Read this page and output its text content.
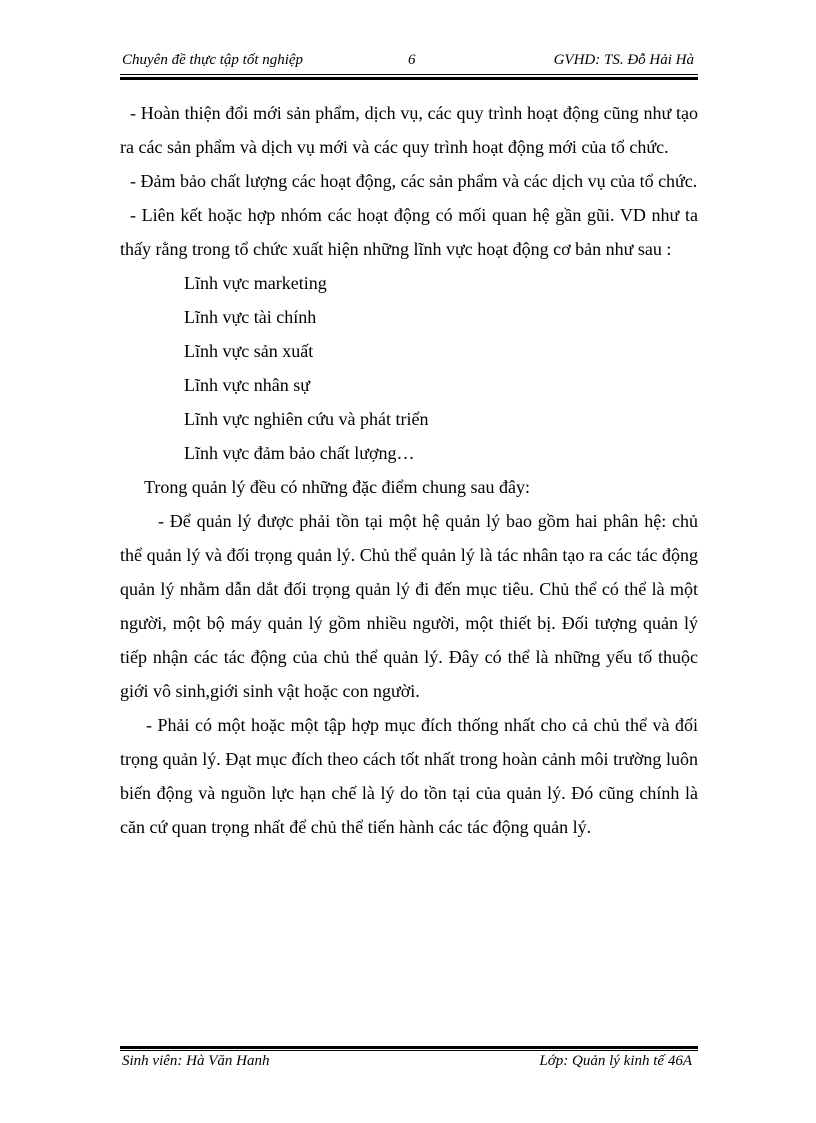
Chuyên đề thực tập tốt nghiệp	6	GVHD: TS. Đỗ Hải Hà

- Hoàn thiện đổi mới sản phẩm, dịch vụ, các quy trình hoạt động cũng như tạo ra các sản phẩm và dịch vụ mới và các quy trình hoạt động mới của tổ chức.

- Đảm bảo chất lượng các hoạt động, các sản phẩm và các dịch vụ của tổ chức.

- Liên kết hoặc hợp nhóm các hoạt động có mối quan hệ gần gũi. VD như ta thấy rằng trong tổ chức xuất hiện những lĩnh vực hoạt động cơ bản như sau :

Lĩnh vực marketing

Lĩnh vực tài chính

Lĩnh vực sản xuất

Lĩnh vực nhân sự

Lĩnh vực nghiên cứu và phát triển

Lĩnh vực đảm bảo chất lượng…

Trong quản lý đều có những đặc điểm chung sau đây:

- Để quản lý được phải tồn tại một hệ quản lý bao gồm hai phân hệ: chủ thể quản lý và đối trọng quản lý. Chủ thể quản lý là tác nhân tạo ra các tác động quản lý nhằm dẫn dắt đối trọng quản lý đi đến mục tiêu. Chủ thể có thể là một người, một bộ máy quản lý gồm nhiều người, một thiết bị. Đối tượng quản lý tiếp nhận các tác động của chủ thể quản lý. Đây có thể là những yếu tố thuộc giới vô sinh,giới sinh vật hoặc con người.

- Phải có một hoặc một tập hợp mục đích thống nhất cho cả chủ thể và đối trọng quản lý. Đạt mục đích theo cách tốt nhất trong hoàn cảnh môi trường luôn biến động và nguồn lực hạn chế là lý do tồn tại của quản lý. Đó cũng chính là căn cứ quan trọng nhất để chủ thể tiến hành các tác động quản lý.

Sinh viên: Hà Văn Hanh	Lớp: Quản lý kinh tế 46A
